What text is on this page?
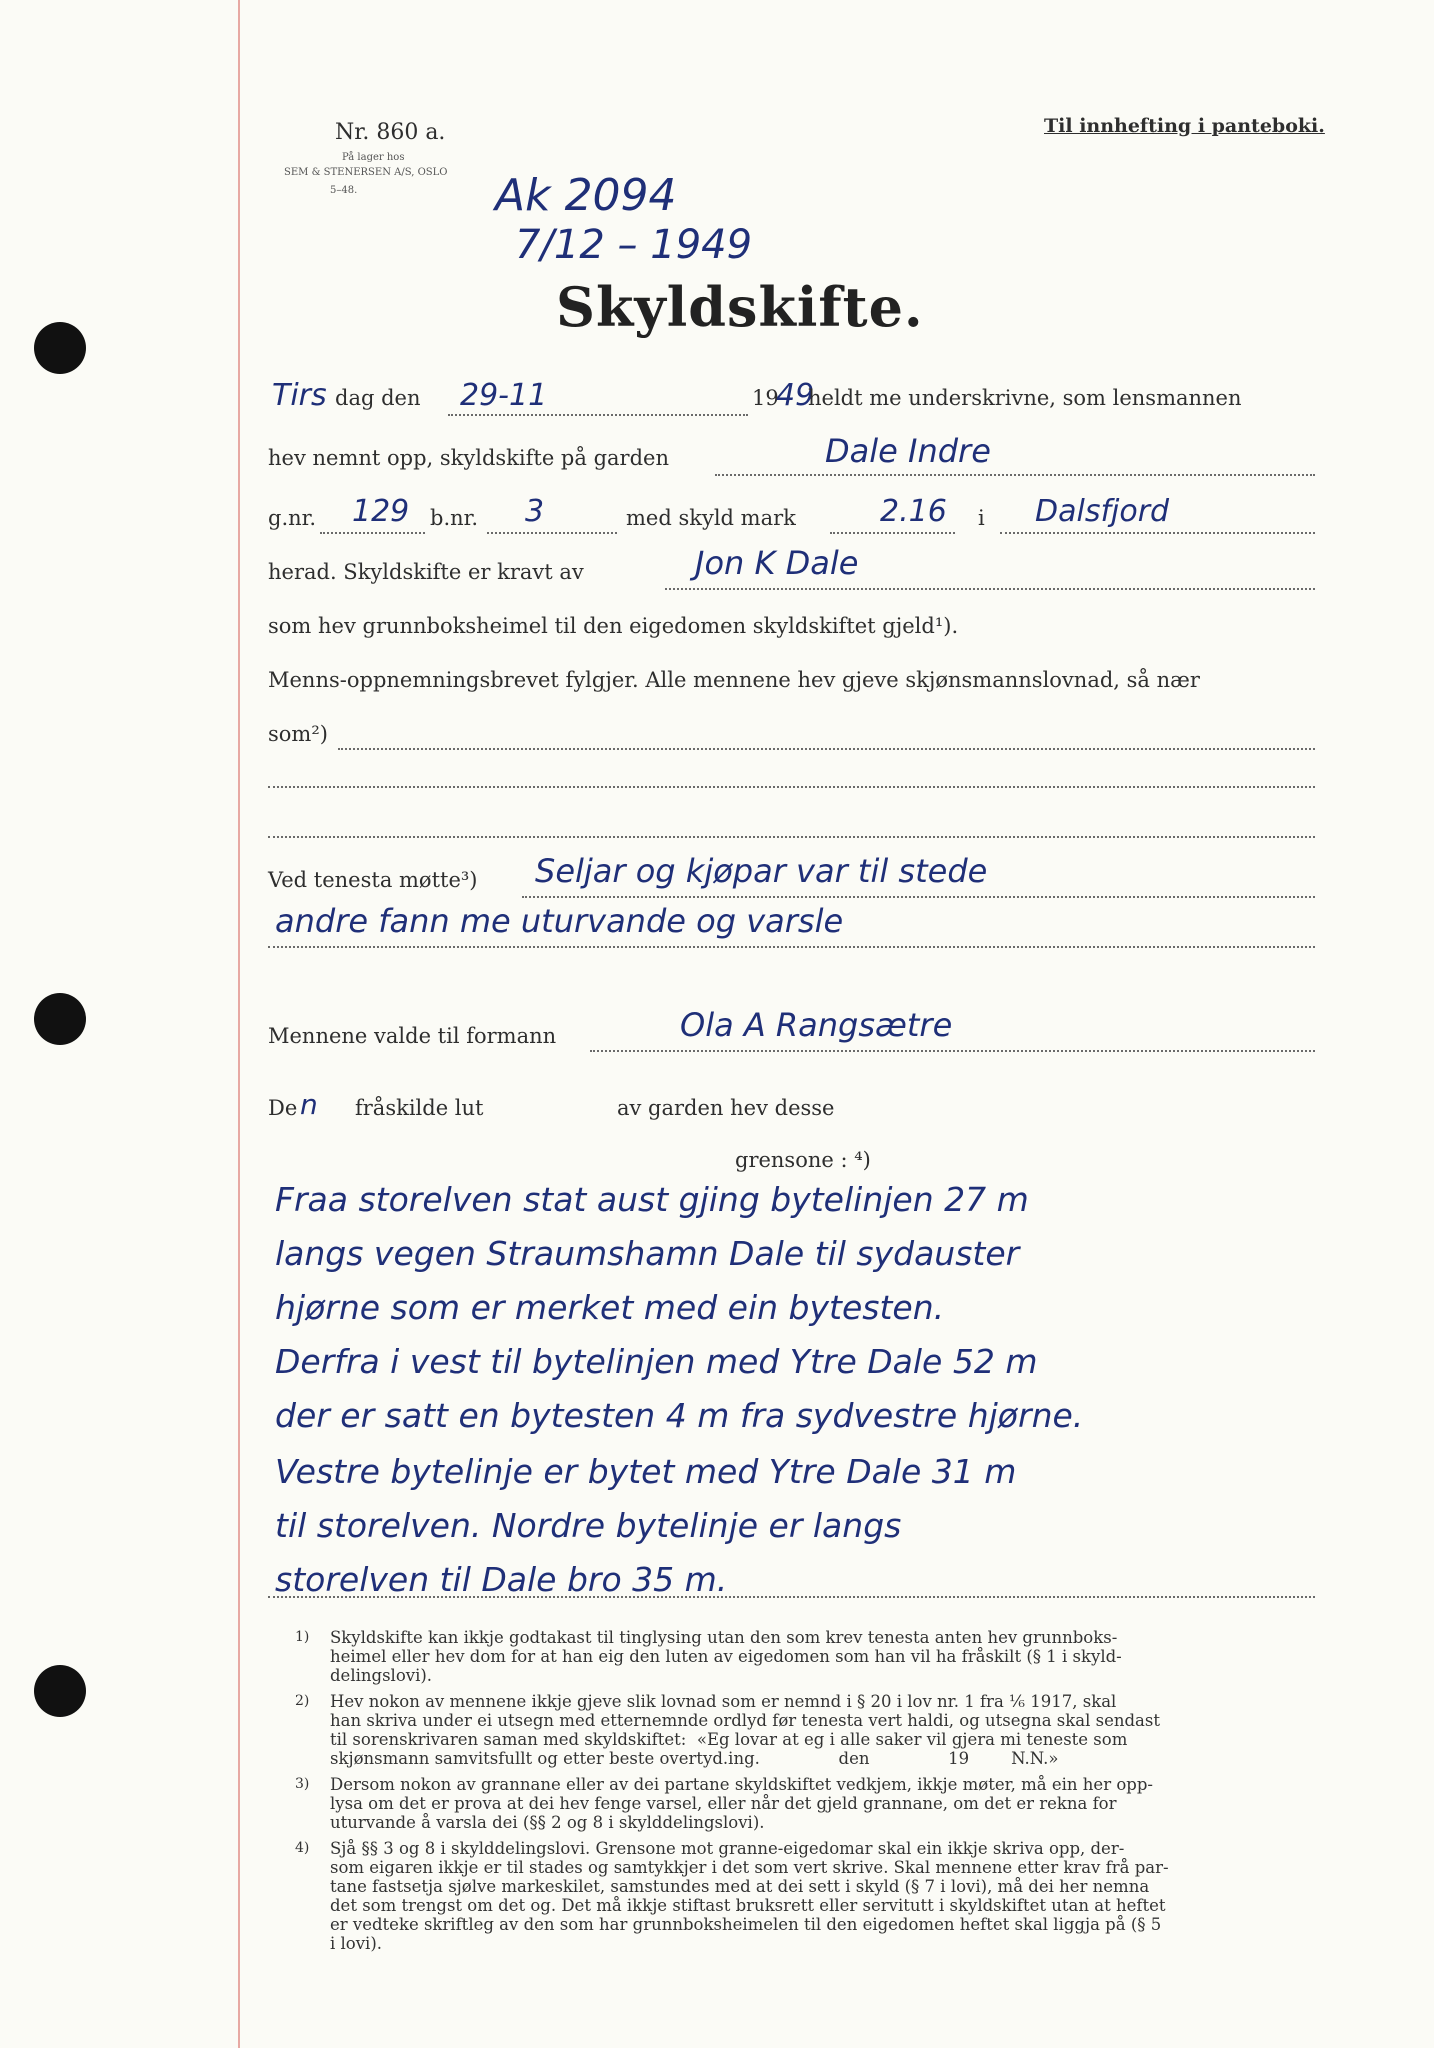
Nr. 860 a.
På lager hos
SEM & STENERSEN A/S, OSLO
5–48.
Til innhefting i panteboki.
Ak 2094
7/12 – 1949
Skyldskifte.
Tirs dag den 29-11	19
49
heldt me underskrivne, som lensmannen
hev nemnt opp, skyldskifte på garden	Dale Indre
g.nr. 129 b.nr. 3	med skyld mark	2.16 i Dalsfjord
herad. Skyldskifte er kravt av	Jon K Dale
som hev grunnboksheimel til den eigedomen skyldskiftet gjeld¹).
Menns-oppnemningsbrevet fylgjer. Alle mennene hev gjeve skjønsmannslovnad, så nær
som²)
Ved tenesta møtte³) Seljar og kjøpar var til stede
andre fann me uturvande og varsle
Mennene valde til formann	Ola A Rangsætre
De n fråskilde lut	av garden hev desse
grensone : ⁴)
Fraa storelven stat aust gjing bytelinjen 27 m
langs vegen Straumshamn Dale til sydauster
hjørne som er merket med ein bytesten.
Derfra i vest til bytelinjen med Ytre Dale 52 m
der er satt en bytesten 4 m fra sydvestre hjørne.
Vestre bytelinje er bytet med Ytre Dale 31 m
til storelven. Nordre bytelinje er langs
storelven til Dale bro 35 m.
1) Skyldskifte kan ikkje godtakast til tinglysing utan den som krev tenesta anten hev grunnboks-
heimel eller hev dom for at han eig den luten av eigedomen som han vil ha fråskilt (§ 1 i skyld-
delingslovi).
2) Hev nokon av mennene ikkje gjeve slik lovnad som er nemnd i § 20 i lov nr. 1 fra ⅙ 1917, skal
han skriva under ei utsegn med etternemnde ordlyd før tenesta vert haldi, og utsegna skal sendast
til sorenskrivaren saman med skyldskiftet:  «Eg lovar at eg i alle saker vil gjera mi teneste som
skjønsmann samvitsfullt og etter beste overtyd.ing.               den               19        N.N.»
3) Dersom nokon av grannane eller av dei partane skyldskiftet vedkjem, ikkje møter, må ein her opp-
lysa om det er prova at dei hev fenge varsel, eller når det gjeld grannane, om det er rekna for
uturvande å varsla dei (§§ 2 og 8 i skylddelingslovi).
4) Sjå §§ 3 og 8 i skylddelingslovi. Grensone mot granne-eigedomar skal ein ikkje skriva opp, der-
som eigaren ikkje er til stades og samtykkjer i det som vert skrive. Skal mennene etter krav frå par-
tane fastsetja sjølve markeskilet, samstundes med at dei sett i skyld (§ 7 i lovi), må dei her nemna
det som trengst om det og. Det må ikkje stiftast bruksrett eller servitutt i skyldskiftet utan at heftet
er vedteke skriftleg av den som har grunnboksheimelen til den eigedomen heftet skal liggja på (§ 5
i lovi).
